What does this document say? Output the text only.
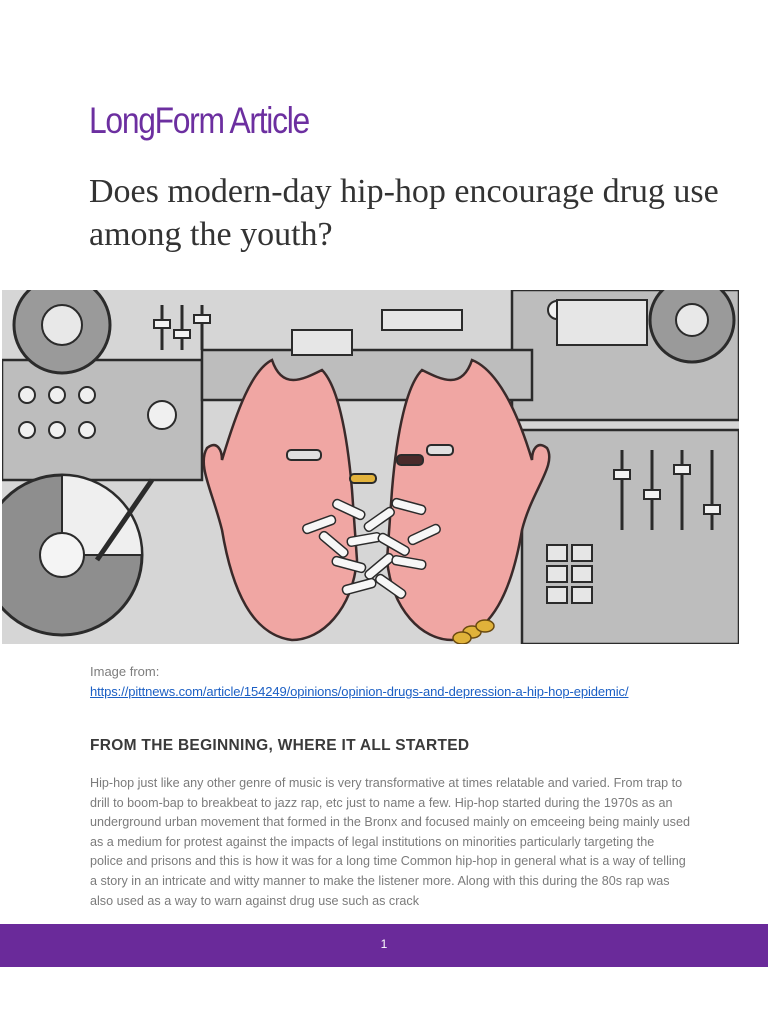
LongForm Article
Does modern-day hip-hop encourage drug use among the youth?
Image from:
https://pittnews.com/article/154249/opinions/opinion-drugs-and-depression-a-hip-hop-epidemic/
FROM THE BEGINNING, WHERE IT ALL STARTED

Hip-hop just like any other genre of music is very transformative at times relatable and varied. From trap to drill to boom-bap to breakbeat to jazz rap, etc just to name a few. Hip-hop started during the 1970s as an underground urban movement that formed in the Bronx and focused mainly on emceeing being mainly used as a medium for protest against the impacts of legal institutions on minorities particularly targeting the police and prisons and this is how it was for a long time Common hip-hop in general what is a way of telling a story in an intricate and witty manner to make the listener more. Along with this during the 80s rap was also used as a way to warn against drug use such as crack

1
